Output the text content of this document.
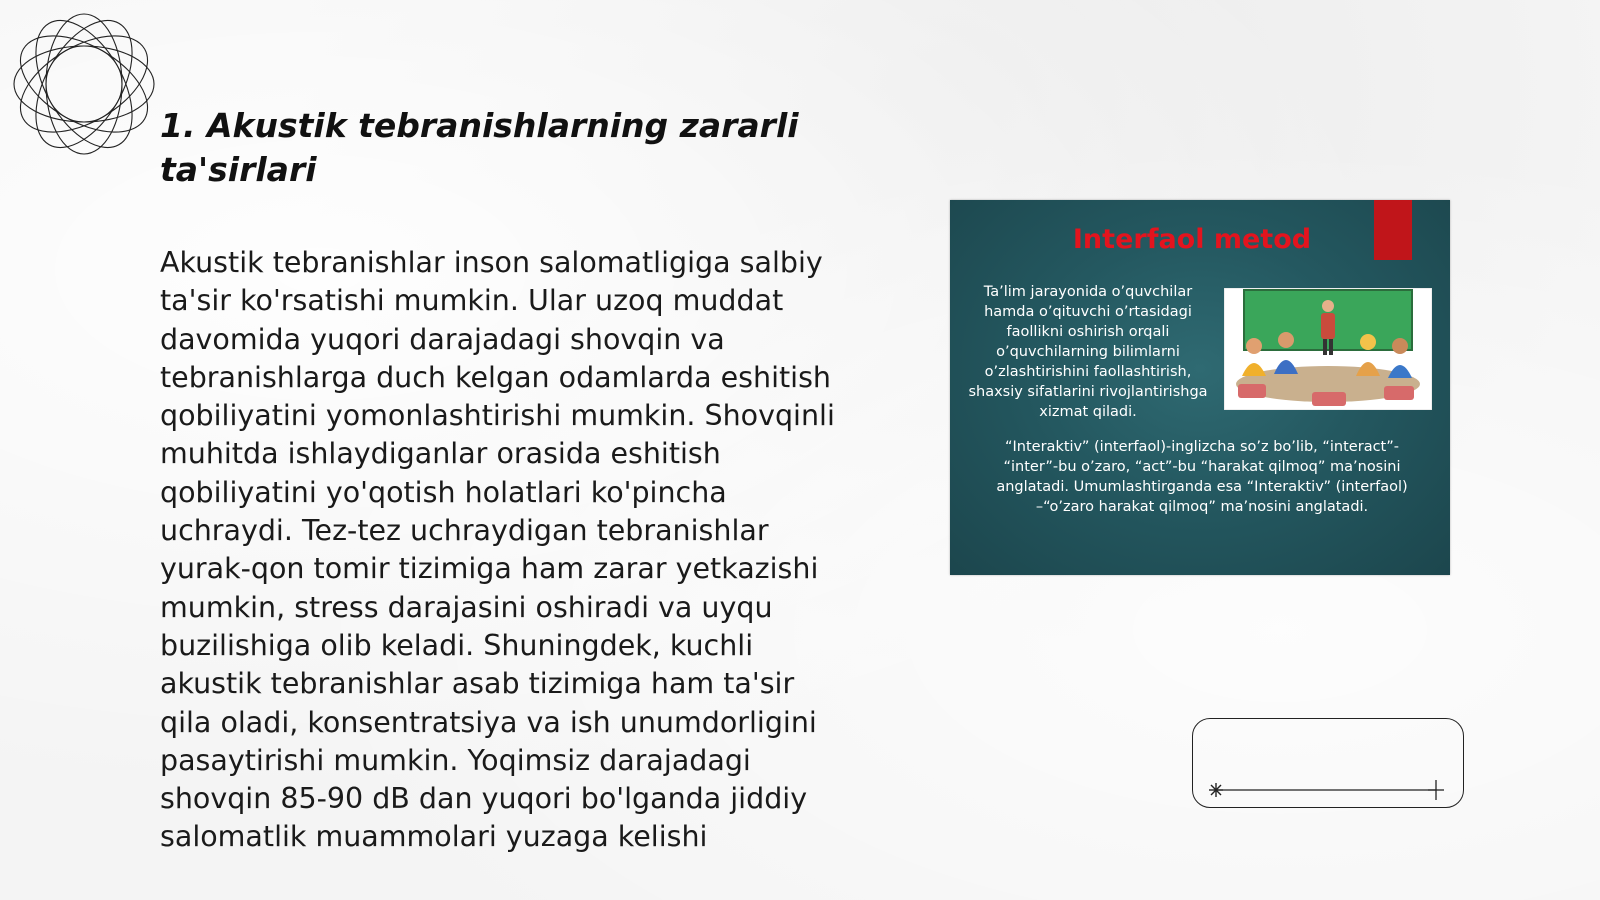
1. Akustik tebranishlarning zararli ta'sirlari

Akustik tebranishlar inson salomatligiga salbiy ta'sir ko'rsatishi mumkin. Ular uzoq muddat davomida yuqori darajadagi shovqin va tebranishlarga duch kelgan odamlarda eshitish qobiliyatini yomonlashtirishi mumkin. Shovqinli muhitda ishlaydiganlar orasida eshitish qobiliyatini yo'qotish holatlari ko'pincha uchraydi. Tez-tez uchraydigan tebranishlar yurak-qon tomir tizimiga ham zarar yetkazishi mumkin, stress darajasini oshiradi va uyqu buzilishiga olib keladi. Shuningdek, kuchli akustik tebranishlar asab tizimiga ham ta'sir qila oladi, konsentratsiya va ish unumdorligini pasaytirishi mumkin. Yoqimsiz darajadagi shovqin 85-90 dB dan yuqori bo'lganda jiddiy salomatlik muammolari yuzaga kelishi

Interfaol metod

Ta’lim jarayonida o’quvchilar hamda o’qituvchi o’rtasidagi faollikni oshirish orqali o’quvchilarning bilimlarni o’zlashtirishini faollashtirish, shaxsiy sifatlarini rivojlantirishga xizmat qiladi.

“Interaktiv” (interfaol)-inglizcha so’z bo’lib, “interact”- “inter”-bu o’zaro, “act”-bu “harakat qilmoq” ma’nosini anglatadi. Umumlashtirganda esa “Interaktiv” (interfaol) –“o’zaro harakat qilmoq” ma’nosini anglatadi.
